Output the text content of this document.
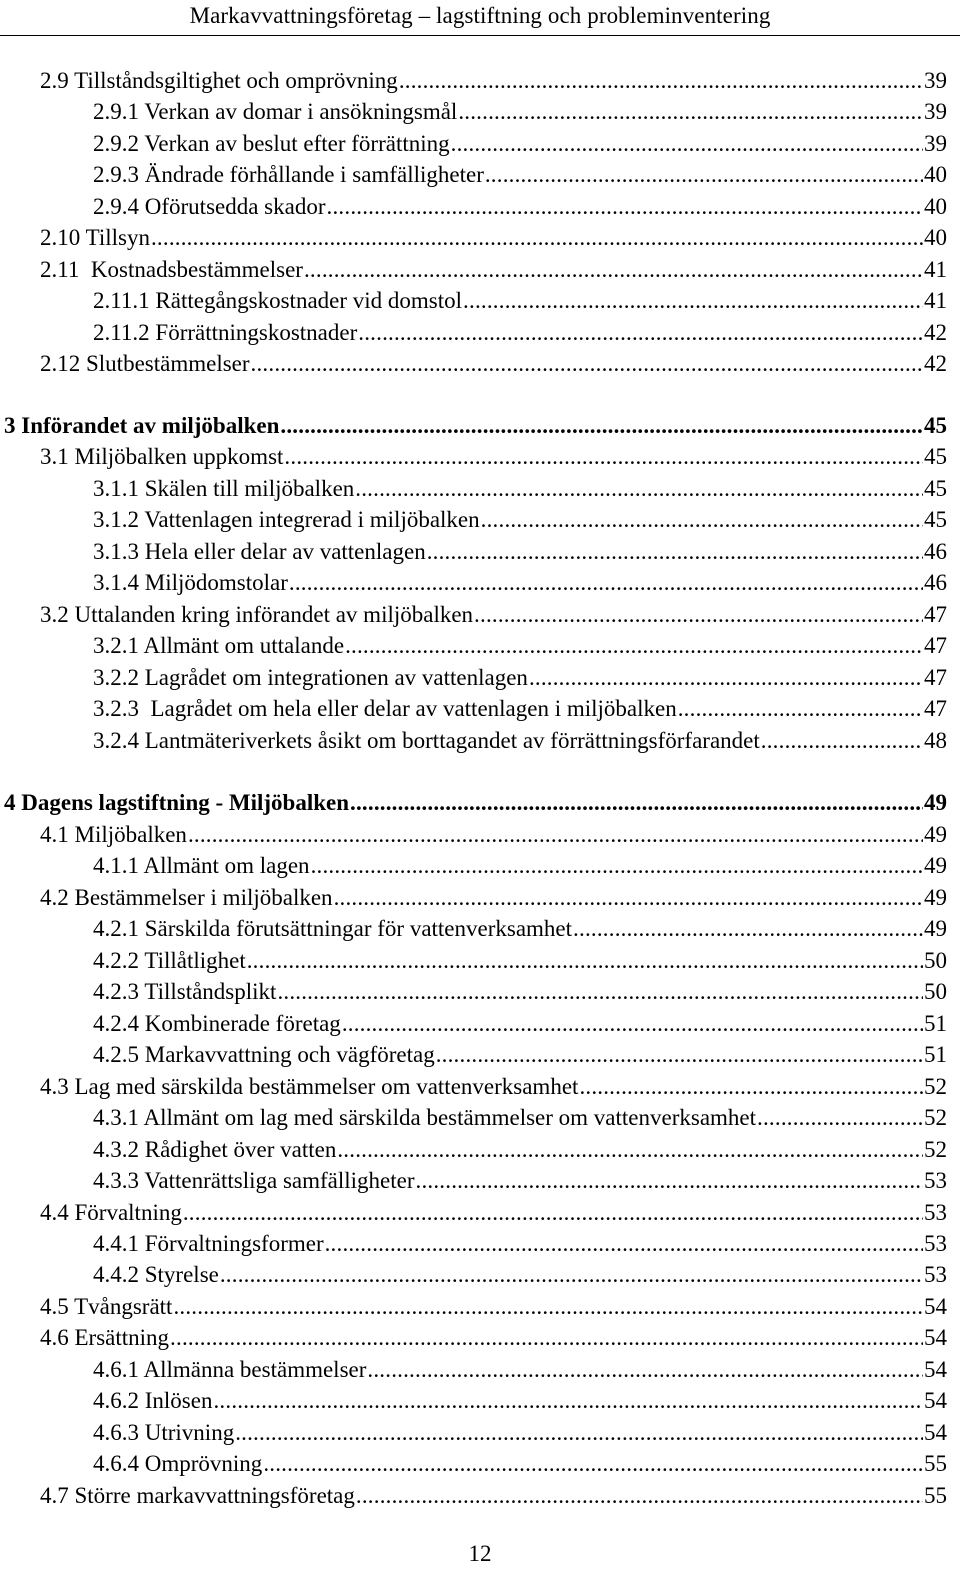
Markavvattningsföretag – lagstiftning och probleminventering
2.9 Tillståndsgiltighet och omprövning .....	39
2.9.1 Verkan av domar i ansökningsmål .....	39
2.9.2 Verkan av beslut efter förrättning .....	39
2.9.3 Ändrade förhållande i samfälligheter .....	40
2.9.4 Oförutsedda skador .....	40
2.10 Tillsyn .....	40
2.11  Kostnadsbestämmelser .....	41
2.11.1 Rättegångskostnader vid domstol .....	41
2.11.2 Förrättningskostnader .....	42
2.12 Slutbestämmelser .....	42
3 Införandet av miljöbalken .....	45
3.1 Miljöbalken uppkomst .....	45
3.1.1 Skälen till miljöbalken .....	45
3.1.2 Vattenlagen integrerad i miljöbalken .....	45
3.1.3 Hela eller delar av vattenlagen .....	46
3.1.4 Miljödomstolar .....	46
3.2 Uttalanden kring införandet av miljöbalken .....	47
3.2.1 Allmänt om uttalande .....	47
3.2.2 Lagrådet om integrationen av vattenlagen .....	47
3.2.3  Lagrådet om hela eller delar av vattenlagen i miljöbalken .....	47
3.2.4 Lantmäteriverkets åsikt om borttagandet av förrättningsförfarandet .....	48
4 Dagens lagstiftning - Miljöbalken .....	49
4.1 Miljöbalken .....	49
4.1.1 Allmänt om lagen .....	49
4.2 Bestämmelser i miljöbalken .....	49
4.2.1 Särskilda förutsättningar för vattenverksamhet .....	49
4.2.2 Tillåtlighet .....	50
4.2.3 Tillståndsplikt .....	50
4.2.4 Kombinerade företag .....	51
4.2.5 Markavvattning och vägföretag .....	51
4.3 Lag med särskilda bestämmelser om vattenverksamhet .....	52
4.3.1 Allmänt om lag med särskilda bestämmelser om vattenverksamhet .....	52
4.3.2 Rådighet över vatten .....	52
4.3.3 Vattenrättsliga samfälligheter .....	53
4.4 Förvaltning .....	53
4.4.1 Förvaltningsformer .....	53
4.4.2 Styrelse .....	53
4.5 Tvångsrätt .....	54
4.6 Ersättning .....	54
4.6.1 Allmänna bestämmelser .....	54
4.6.2 Inlösen .....	54
4.6.3 Utrivning .....	54
4.6.4 Omprövning .....	55
4.7 Större markavvattningsföretag .....	55
12
